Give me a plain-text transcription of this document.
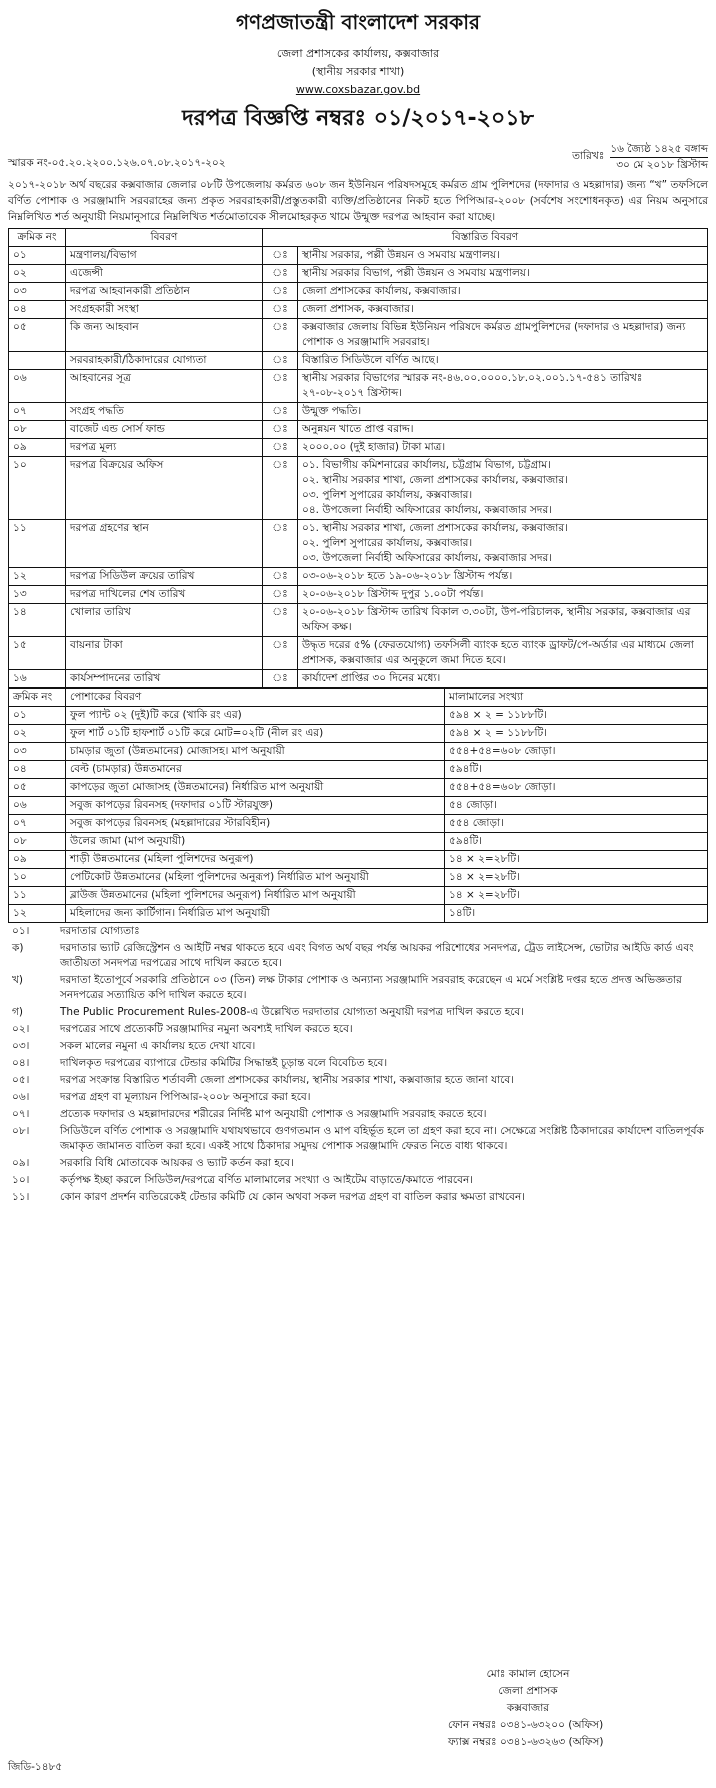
গণপ্রজাতন্ত্রী বাংলাদেশ সরকার
জেলা প্রশাসকের কার্যালয়, কক্সবাজার
(স্থানীয় সরকার শাখা)
www.coxsbazar.gov.bd
দরপত্র বিজ্ঞপ্তি নম্বরঃ ০১/২০১৭-২০১৮
স্মারক নং-০৫.২০.২২০০.১২৬.০৭.০৮.২০১৭-২০২
তারিখঃ
১৬ জ্যৈষ্ঠ ১৪২৫ বঙ্গাব্দ
৩০ মে ২০১৮ খ্রিস্টাব্দ
২০১৭-২০১৮ অর্থ বছরের কক্সবাজার জেলার ০৮টি উপজেলায় কর্মরত ৬০৮ জন ইউনিয়ন পরিষদসমূহে কর্মরত গ্রাম পুলিশদের (দফাদার ও মহল্লাদার) জন্য “খ” তফসিলে বর্ণিত পোশাক ও সরঞ্জামাদি সরবরাহের জন্য প্রকৃত সরবরাহকারী/প্রস্তুতকারী ব্যক্তি/প্রতিষ্ঠানের নিকট হতে পিপিআর-২০০৮ (সর্বশেষ সংশোধনকৃত) এর নিয়ম অনুসারে নিম্নলিখিত শর্ত অনুযায়ী নিয়মানুসারে নিম্নলিখিত শর্তমোতাবেক সীলমোহরকৃত খামে উন্মুক্ত দরপত্র আহবান করা যাচ্ছে।
ক্রমিক নং	বিবরণ	বিস্তারিত বিবরণ	
০১	মন্ত্রণালয়/বিভাগ	ঃ	স্থানীয় সরকার, পল্লী উন্নয়ন ও সমবায় মন্ত্রণালয়।

০২	এজেন্সী	ঃ	স্থানীয় সরকার বিভাগ, পল্লী উন্নয়ন ও সমবায় মন্ত্রণালয়।

০৩	দরপত্র আহবানকারী প্রতিষ্ঠান	ঃ	জেলা প্রশাসকের কার্যালয়, কক্সবাজার।

০৪	সংগ্রহকারী সংস্থা	ঃ	জেলা প্রশাসক, কক্সবাজার।

০৫	কি জন্য আহবান	ঃ	কক্সবাজার জেলায় বিভিন্ন ইউনিয়ন পরিষদে কর্মরত গ্রামপুলিশদের (দফাদার ও মহল্লাদার) জন্য পোশাক ও সরঞ্জামাদি সরবরাহ।

	সরবরাহকারী/ঠিকাদারের যোগ্যতা	ঃ	বিস্তারিত সিডিউলে বর্ণিত আছে।

০৬	আহবানের সূত্র	ঃ	স্থানীয় সরকার বিভাগের স্মারক নং-৪৬.০০.০০০০.১৮.০২.০০১.১৭-৫৪১ তারিখঃ ২৭-০৮-২০১৭ খ্রিস্টাব্দ।

০৭	সংগ্রহ পদ্ধতি	ঃ	উন্মুক্ত পদ্ধতি।

০৮	বাজেট এন্ড সোর্স ফান্ড	ঃ	অনুন্নয়ন খাতে প্রাপ্ত বরাদ্দ।

০৯	দরপত্র মূল্য	ঃ	২০০০.০০ (দুই হাজার) টাকা মাত্র।

১০	দরপত্র বিক্রয়ের অফিস	ঃ	০১. বিভাগীয় কমিশনারের কার্যালয়, চট্টগ্রাম বিভাগ, চট্টগ্রাম।
০২. স্থানীয় সরকার শাখা, জেলা প্রশাসকের কার্যালয়, কক্সবাজার।
০৩. পুলিশ সুপারের কার্যালয়, কক্সবাজার।
০৪. উপজেলা নির্বাহী অফিসারের কার্যালয়, কক্সবাজার সদর।

১১	দরপত্র গ্রহণের স্থান	ঃ	০১. স্থানীয় সরকার শাখা, জেলা প্রশাসকের কার্যালয়, কক্সবাজার।
০২. পুলিশ সুপারের কার্যালয়, কক্সবাজার।
০৩. উপজেলা নির্বাহী অফিসারের কার্যালয়, কক্সবাজার সদর।

১২	দরপত্র সিডিউল ক্রয়ের তারিখ	ঃ	০৩-০৬-২০১৮ হতে ১৯-০৬-২০১৮ খ্রিস্টাব্দ পর্যন্ত।

১৩	দরপত্র দাখিলের শেষ তারিখ	ঃ	২০-০৬-২০১৮ খ্রিস্টাব্দ দুপুর ১.০০টা পর্যন্ত।

১৪	খোলার তারিখ	ঃ	২০-০৬-২০১৮ খ্রিস্টাব্দ তারিখ বিকাল ৩.৩০টা, উপ-পরিচালক, স্থানীয় সরকার, কক্সবাজার এর অফিস কক্ষ।

১৫	বায়নার টাকা	ঃ	উদ্ধৃত দরের ৫% (ফেরতযোগ্য) তফসিলী ব্যাংক হতে ব্যাংক ড্রাফট/পে-অর্ডার এর মাধ্যমে জেলা প্রশাসক, কক্সবাজার এর অনুকূলে জমা দিতে হবে।

১৬	কার্যসম্পাদনের তারিখ	ঃ	কার্যাদেশ প্রাপ্তির ৩০ দিনের মধ্যে।
ক্রমিক নং	পোশাকের বিবরণ	মালামালের সংখ্যা
০১	ফুল প্যান্ট ০২ (দুই)টি করে (খাকি রং এর)	৫৯৪ × ২ = ১১৮৮টি।
০২	ফুল শার্ট ০১টি হাফশার্ট ০১টি করে মোট=০২টি (নীল রং এর)	৫৯৪ × ২ = ১১৮৮টি।
০৩	চামড়ার জুতা (উন্নতমানের) মোজাসহ। মাপ অনুযায়ী	৫৫৪+৫৪=৬০৮ জোড়া।
০৪	বেল্ট (চামড়ার) উন্নতমানের	৫৯৪টি।
০৫	কাপড়ের জুতা মোজাসহ (উন্নতমানের) নির্ধারিত মাপ অনুযায়ী	৫৫৪+৫৪=৬০৮ জোড়া।
০৬	সবুজ কাপড়ের রিবনসহ (দফাদার ০১টি স্টারযুক্ত)	৫৪ জোড়া।
০৭	সবুজ কাপড়ের রিবনসহ (মহল্লাদারের স্টারবিহীন)	৫৫৪ জোড়া।
০৮	উলের জামা (মাপ অনুযায়ী)	৫৯৪টি।
০৯	শাড়ী উন্নতমানের (মহিলা পুলিশদের অনুরূপ)	১৪ × ২=২৮টি।
১০	পেটিকোট উন্নতমানের (মহিলা পুলিশদের অনুরূপ) নির্ধারিত মাপ অনুযায়ী	১৪ × ২=২৮টি।
১১	ব্লাউজ উন্নতমানের (মহিলা পুলিশদের অনুরূপ) নির্ধারিত মাপ অনুযায়ী	১৪ × ২=২৮টি।
১২	মহিলাদের জন্য কার্টিগান। নির্ধারিত মাপ অনুযায়ী	১৪টি।
০১।	দরদাতার যোগ্যতাঃ
ক)	দরদাতার ভ্যাট রেজিস্ট্রেশন ও আইটি নম্বর থাকতে হবে এবং বিগত অর্থ বছর পর্যন্ত আয়কর পরিশোধের সনদপত্র, ট্রেড লাইসেন্স, ভোটার আইডি কার্ড এবং জাতীয়তা সনদপত্র দরপত্রের সাথে দাখিল করতে হবে।
খ)	দরদাতা ইতোপূর্বে সরকারি প্রতিষ্ঠানে ০৩ (তিন) লক্ষ টাকার পোশাক ও অন্যান্য সরঞ্জামাদি সরবরাহ করেছেন এ মর্মে সংশ্লিষ্ট দপ্তর হতে প্রদত্ত অভিজ্ঞতার সনদপত্রের সত্যায়িত কপি দাখিল করতে হবে।
গ)	The Public Procurement Rules-2008-এ উল্লেখিত দরদাতার যোগ্যতা অনুযায়ী দরপত্র দাখিল করতে হবে।
০২।	দরপত্রের সাথে প্রত্যেকটি সরঞ্জামাদির নমুনা অবশ্যই দাখিল করতে হবে।
০৩।	সকল মালের নমুনা এ কার্যালয় হতে দেখা যাবে।
০৪।	দাখিলকৃত দরপত্রের ব্যাপারে টেন্ডার কমিটির সিদ্ধান্তই চূড়ান্ত বলে বিবেচিত হবে।
০৫।	দরপত্র সংক্রান্ত বিস্তারিত শর্তাবলী জেলা প্রশাসকের কার্যালয়, স্থানীয় সরকার শাখা, কক্সবাজার হতে জানা যাবে।
০৬।	দরপত্র গ্রহণ বা মূল্যায়ন পিপিআর-২০০৮ অনুসারে করা হবে।
০৭।	প্রত্যেক দফাদার ও মহল্লাদারদের শরীরের নির্দিষ্ট মাপ অনুযায়ী পোশাক ও সরঞ্জামাদি সরবরাহ করতে হবে।
০৮।	সিডিউলে বর্ণিত পোশাক ও সরঞ্জামাদি যথাযথভাবে গুণগতমান ও মাপ বহির্ভূত হলে তা গ্রহণ করা হবে না। সেক্ষেত্রে সংশ্লিষ্ট ঠিকাদারের কার্যাদেশ বাতিলপূর্বক জমাকৃত জামানত বাতিল করা হবে। একই সাথে ঠিকাদার সমুদয় পোশাক সরঞ্জামাদি ফেরত নিতে বাধ্য থাকবে।
০৯।	সরকারি বিধি মোতাবেক আয়কর ও ভ্যাট কর্তন করা হবে।
১০।	কর্তৃপক্ষ ইচ্ছা করলে সিডিউল/দরপত্রে বর্ণিত মালামালের সংখ্যা ও আইটেম বাড়াতে/কমাতে পারবেন।
১১।	কোন কারণ প্রদর্শন ব্যতিরেকেই টেন্ডার কমিটি যে কোন অথবা সকল দরপত্র গ্রহণ বা বাতিল করার ক্ষমতা রাখবেন।
মোঃ কামাল হোসেন
জেলা প্রশাসক
কক্সবাজার
ফোন নম্বরঃ ০৩৪১-৬৩২০০ (অফিস)
ফ্যাক্স নম্বরঃ ০৩৪১-৬৩২৬৩ (অফিস)
জিডি-১৪৮৫
